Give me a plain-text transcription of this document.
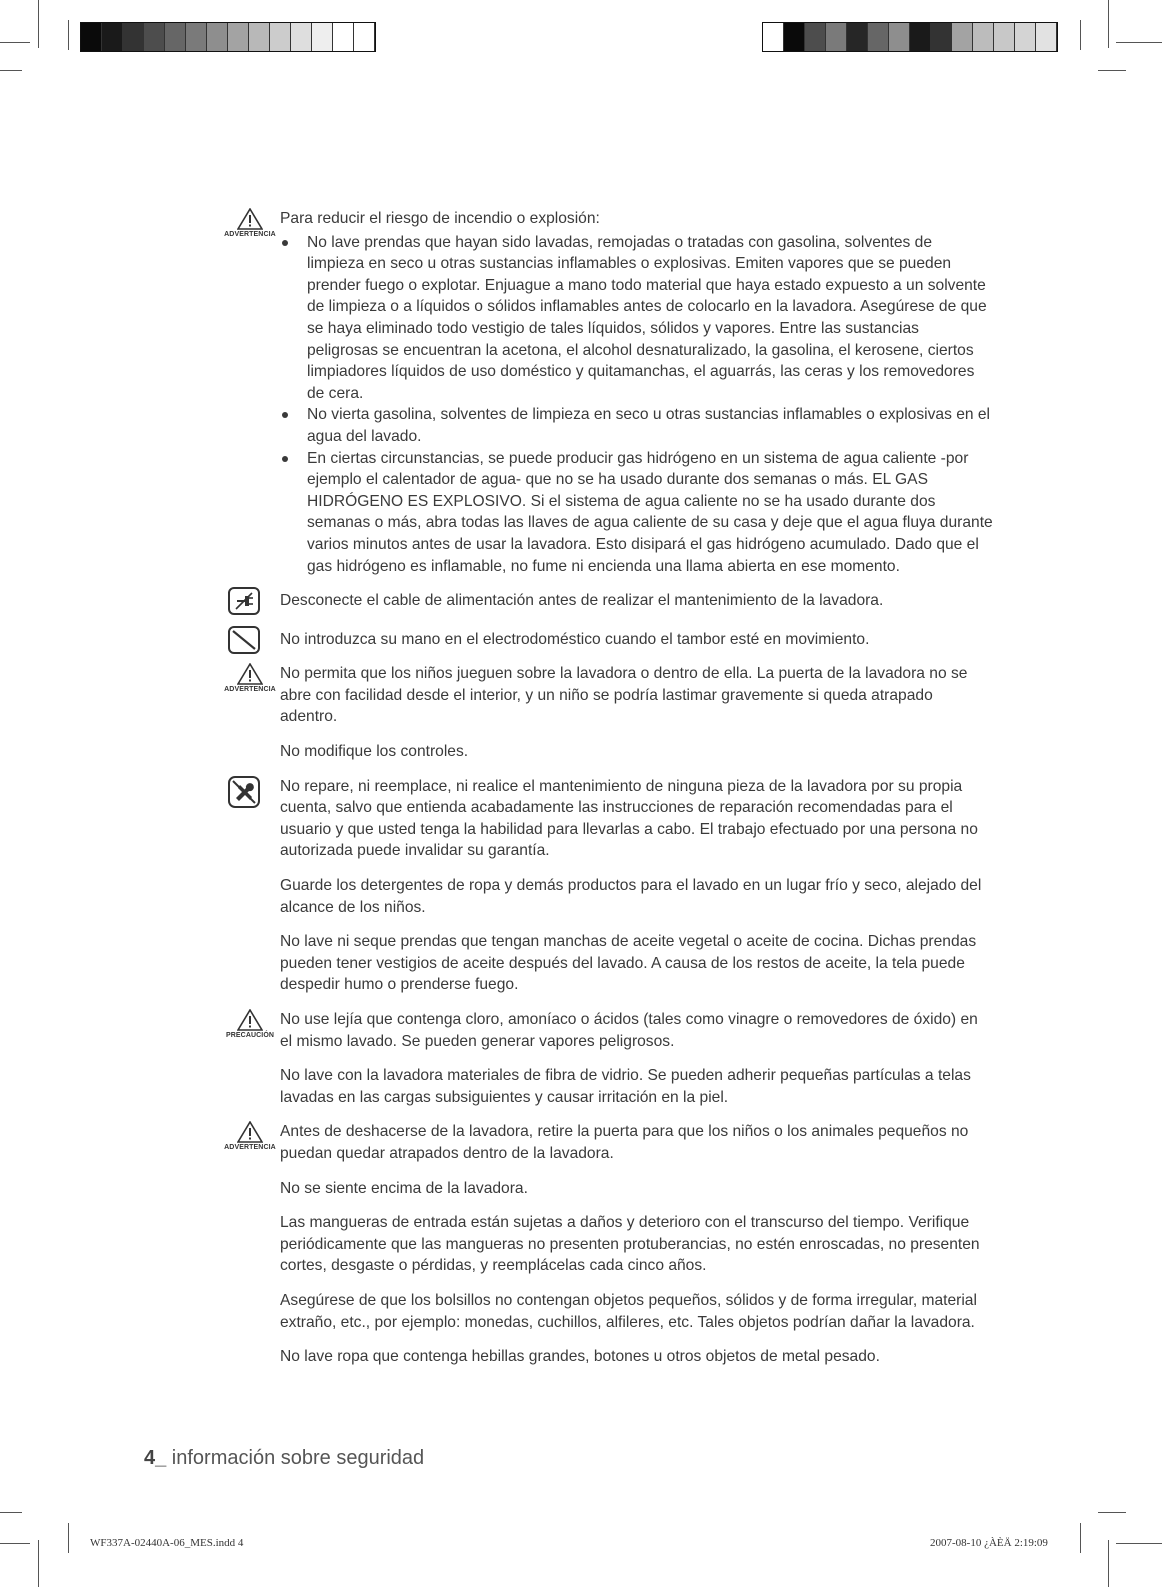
ADVERTENCIA

Para reducir el riesgo de incendio o explosión:

No lave prendas que hayan sido lavadas, remojadas o tratadas con gasolina, solventes de limpieza en seco u otras sustancias inflamables o explosivas. Emiten vapores que se pueden prender fuego o explotar. Enjuague a mano todo material que haya estado expuesto a un solvente de limpieza o a líquidos o sólidos inflamables antes de colocarlo en la lavadora. Asegúrese de que se haya eliminado todo vestigio de tales líquidos, sólidos y vapores. Entre las sustancias peligrosas se encuentran la acetona, el alcohol desnaturalizado, la gasolina, el kerosene, ciertos limpiadores líquidos de uso doméstico y quitamanchas, el aguarrás, las ceras y los removedores de cera.
No vierta gasolina, solventes de limpieza en seco u otras sustancias inflamables o explosivas en el agua del lavado.
En ciertas circunstancias, se puede producir gas hidrógeno en un sistema de agua caliente -por ejemplo el calentador de agua- que no se ha usado durante dos semanas o más. EL GAS HIDRÓGENO ES EXPLOSIVO. Si el sistema de agua caliente no se ha usado durante dos semanas o más, abra todas las llaves de agua caliente de su casa y deje que el agua fluya durante varios minutos antes de usar la lavadora. Esto disipará el gas hidrógeno acumulado. Dado que el gas hidrógeno es inflamable, no fume ni encienda una llama abierta en ese momento.

Desconecte el cable de alimentación antes de realizar el mantenimiento de la lavadora.

No introduzca su mano en el electrodoméstico cuando el tambor esté en movimiento.

ADVERTENCIA

No permita que los niños jueguen sobre la lavadora o dentro de ella. La puerta de la lavadora no se abre con facilidad desde el interior, y un niño se podría lastimar gravemente si queda atrapado adentro.

No modifique los controles.

No repare, ni reemplace, ni realice el mantenimiento de ninguna pieza de la lavadora por su propia cuenta, salvo que entienda acabadamente las instrucciones de reparación recomendadas para el usuario y que usted tenga la habilidad para llevarlas a cabo. El trabajo efectuado por una persona no autorizada puede invalidar su garantía.

Guarde los detergentes de ropa y demás productos para el lavado en un lugar frío y seco, alejado del alcance de los niños.

No lave ni seque prendas que tengan manchas de aceite vegetal o aceite de cocina. Dichas prendas pueden tener vestigios de aceite después del lavado. A causa de los restos de aceite, la tela puede despedir humo o prenderse fuego.

PRECAUCIÓN

No use lejía que contenga cloro, amoníaco o ácidos (tales como vinagre o removedores de óxido) en el mismo lavado. Se pueden generar vapores peligrosos.

No lave con la lavadora materiales de fibra de vidrio. Se pueden adherir pequeñas partículas a telas lavadas en las cargas subsiguientes y causar irritación en la piel.

ADVERTENCIA

Antes de deshacerse de la lavadora, retire la puerta para que los niños o los animales pequeños no puedan quedar atrapados dentro de la lavadora.

No se siente encima de la lavadora.

Las mangueras de entrada están sujetas a daños y deterioro con el transcurso del tiempo. Verifique periódicamente que las mangueras no presenten protuberancias, no estén enroscadas, no presenten cortes, desgaste o pérdidas, y reemplácelas cada cinco años.

Asegúrese de que los bolsillos no contengan objetos pequeños, sólidos y de forma irregular, material extraño, etc., por ejemplo: monedas, cuchillos, alfileres, etc. Tales objetos podrían dañar la lavadora.

No lave ropa que contenga hebillas grandes, botones u otros objetos de metal pesado.

4_ información sobre seguridad
WF337A-02440A-06_MES.indd 4	2007-08-10 ¿ÀÈÄ 2:19:09
